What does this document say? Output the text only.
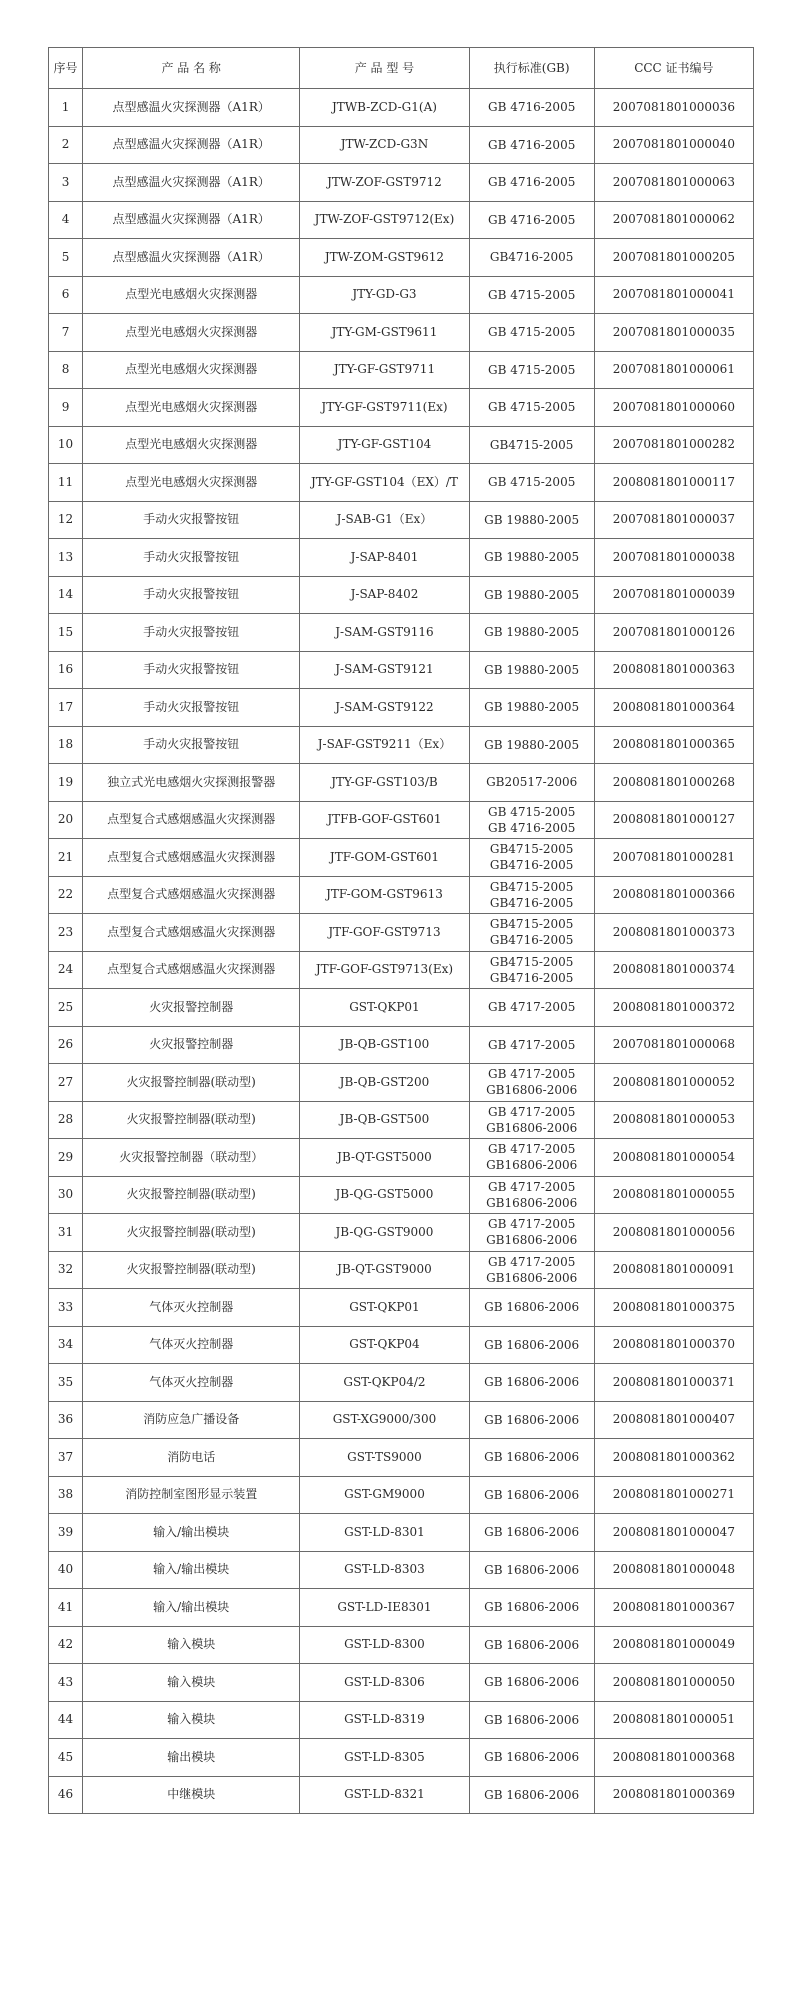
序号	产 品 名 称	产 品 型 号	执行标准(GB)	CCC 证书编号
1	点型感温火灾探测器（A1R）	JTWB-ZCD-G1(A)	GB 4716-2005	2007081801000036
2	点型感温火灾探测器（A1R）	JTW-ZCD-G3N	GB 4716-2005	2007081801000040
3	点型感温火灾探测器（A1R）	JTW-ZOF-GST9712	GB 4716-2005	2007081801000063
4	点型感温火灾探测器（A1R）	JTW-ZOF-GST9712(Ex)	GB 4716-2005	2007081801000062
5	点型感温火灾探测器（A1R）	JTW-ZOM-GST9612	GB4716-2005	2007081801000205
6	点型光电感烟火灾探测器	JTY-GD-G3	GB 4715-2005	2007081801000041
7	点型光电感烟火灾探测器	JTY-GM-GST9611	GB 4715-2005	2007081801000035
8	点型光电感烟火灾探测器	JTY-GF-GST9711	GB 4715-2005	2007081801000061
9	点型光电感烟火灾探测器	JTY-GF-GST9711(Ex)	GB 4715-2005	2007081801000060
10	点型光电感烟火灾探测器	JTY-GF-GST104	GB4715-2005	2007081801000282
11	点型光电感烟火灾探测器	JTY-GF-GST104（EX）/T	GB 4715-2005	2008081801000117
12	手动火灾报警按钮	J-SAB-G1（Ex）	GB 19880-2005	2007081801000037
13	手动火灾报警按钮	J-SAP-8401	GB 19880-2005	2007081801000038
14	手动火灾报警按钮	J-SAP-8402	GB 19880-2005	2007081801000039
15	手动火灾报警按钮	J-SAM-GST9116	GB 19880-2005	2007081801000126
16	手动火灾报警按钮	J-SAM-GST9121	GB 19880-2005	2008081801000363
17	手动火灾报警按钮	J-SAM-GST9122	GB 19880-2005	2008081801000364
18	手动火灾报警按钮	J-SAF-GST9211（Ex）	GB 19880-2005	2008081801000365
19	独立式光电感烟火灾探测报警器	JTY-GF-GST103/B	GB20517-2006	2008081801000268
20	点型复合式感烟感温火灾探测器	JTFB-GOF-GST601	GB 4715-2005
GB 4716-2005	2008081801000127
21	点型复合式感烟感温火灾探测器	JTF-GOM-GST601	GB4715-2005
GB4716-2005	2007081801000281
22	点型复合式感烟感温火灾探测器	JTF-GOM-GST9613	GB4715-2005
GB4716-2005	2008081801000366
23	点型复合式感烟感温火灾探测器	JTF-GOF-GST9713	GB4715-2005
GB4716-2005	2008081801000373
24	点型复合式感烟感温火灾探测器	JTF-GOF-GST9713(Ex)	GB4715-2005
GB4716-2005	2008081801000374
25	火灾报警控制器	GST-QKP01	GB 4717-2005	2008081801000372
26	火灾报警控制器	JB-QB-GST100	GB 4717-2005	2007081801000068
27	火灾报警控制器(联动型)	JB-QB-GST200	GB 4717-2005
GB16806-2006	2008081801000052
28	火灾报警控制器(联动型)	JB-QB-GST500	GB 4717-2005
GB16806-2006	2008081801000053
29	火灾报警控制器（联动型）	JB-QT-GST5000	GB 4717-2005
GB16806-2006	2008081801000054
30	火灾报警控制器(联动型)	JB-QG-GST5000	GB 4717-2005
GB16806-2006	2008081801000055
31	火灾报警控制器(联动型)	JB-QG-GST9000	GB 4717-2005
GB16806-2006	2008081801000056
32	火灾报警控制器(联动型)	JB-QT-GST9000	GB 4717-2005
GB16806-2006	2008081801000091
33	气体灭火控制器	GST-QKP01	GB 16806-2006	2008081801000375
34	气体灭火控制器	GST-QKP04	GB 16806-2006	2008081801000370
35	气体灭火控制器	GST-QKP04/2	GB 16806-2006	2008081801000371
36	消防应急广播设备	GST-XG9000/300	GB 16806-2006	2008081801000407
37	消防电话	GST-TS9000	GB 16806-2006	2008081801000362
38	消防控制室图形显示装置	GST-GM9000	GB 16806-2006	2008081801000271
39	输入/输出模块	GST-LD-8301	GB 16806-2006	2008081801000047
40	输入/输出模块	GST-LD-8303	GB 16806-2006	2008081801000048
41	输入/输出模块	GST-LD-IE8301	GB 16806-2006	2008081801000367
42	输入模块	GST-LD-8300	GB 16806-2006	2008081801000049
43	输入模块	GST-LD-8306	GB 16806-2006	2008081801000050
44	输入模块	GST-LD-8319	GB 16806-2006	2008081801000051
45	输出模块	GST-LD-8305	GB 16806-2006	2008081801000368
46	中继模块	GST-LD-8321	GB 16806-2006	2008081801000369
